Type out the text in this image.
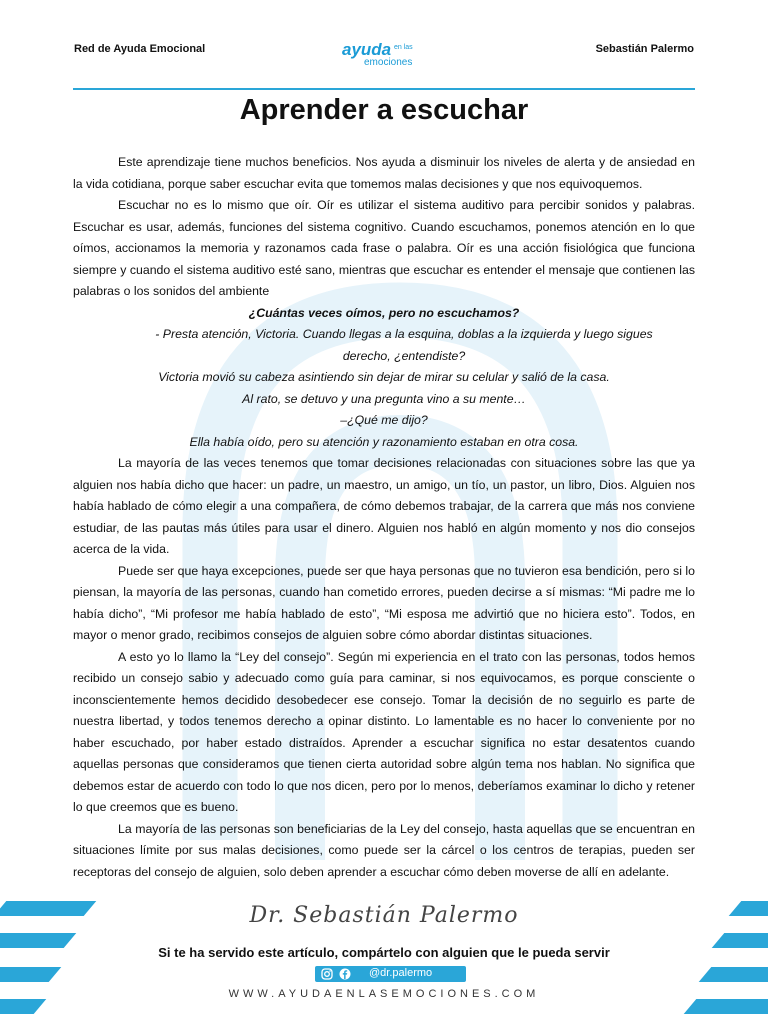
Red de Ayuda Emocional	ayuda en las
emociones
Sebastián Palermo
Aprender a escuchar

Este aprendizaje tiene muchos beneficios. Nos ayuda a disminuir los niveles de alerta y de ansiedad en la vida cotidiana, porque saber escuchar evita que tomemos malas decisiones y que nos equivoquemos.

Escuchar no es lo mismo que oír. Oír es utilizar el sistema auditivo para percibir sonidos y palabras. Escuchar es usar, además, funciones del sistema cognitivo. Cuando escuchamos, ponemos atención en lo que oímos, accionamos la memoria y razonamos cada frase o palabra. Oír es una acción fisiológica que funciona siempre y cuando el sistema auditivo esté sano, mientras que escuchar es entender el mensaje que contienen las palabras o los sonidos del ambiente

¿Cuántas veces oímos, pero no escuchamos?

- Presta atención, Victoria. Cuando llegas a la esquina, doblas a la izquierda y luego sigues derecho, ¿entendiste?

Victoria movió su cabeza asintiendo sin dejar de mirar su celular y salió de la casa.

Al rato, se detuvo y una pregunta vino a su mente…

–¿Qué me dijo?

Ella había oído, pero su atención y razonamiento estaban en otra cosa.

La mayoría de las veces tenemos que tomar decisiones relacionadas con situaciones sobre las que ya alguien nos había dicho que hacer: un padre, un maestro, un amigo, un tío, un pastor, un libro, Dios. Alguien nos había hablado de cómo elegir a una compañera, de cómo debemos trabajar, de la carrera que más nos conviene estudiar, de las pautas más útiles para usar el dinero. Alguien nos habló en algún momento y nos dio consejos acerca de la vida.

Puede ser que haya excepciones, puede ser que haya personas que no tuvieron esa bendición, pero si lo piensan, la mayoría de las personas, cuando han cometido errores, pueden decirse a sí mismas: “Mi padre me lo había dicho”, “Mi profesor me había hablado de esto”, “Mi esposa me advirtió que no hiciera esto”. Todos, en mayor o menor grado, recibimos consejos de alguien sobre cómo abordar distintas situaciones.

A esto yo lo llamo la “Ley del consejo”. Según mi experiencia en el trato con las personas, todos hemos recibido un consejo sabio y adecuado como guía para caminar, si nos equivocamos, es porque consciente o inconscientemente hemos decidido desobedecer ese consejo. Tomar la decisión de no seguirlo es parte de nuestra libertad, y todos tenemos derecho a opinar distinto. Lo lamentable es no hacer lo conveniente por no haber escuchado, por haber estado distraídos. Aprender a escuchar significa no estar desatentos cuando aquellas personas que consideramos que tienen cierta autoridad sobre algún tema nos hablan. No significa que debemos estar de acuerdo con todo lo que nos dicen, pero por lo menos, deberíamos examinar lo dicho y retener lo que creemos que es bueno.

La mayoría de las personas son beneficiarias de la Ley del consejo, hasta aquellas que se encuentran en situaciones límite por sus malas decisiones, como puede ser la cárcel o los centros de terapias, pueden ser receptoras del consejo de alguien, solo deben aprender a escuchar cómo deben moverse de allí en adelante.

Dr. Sebastián Palermo
Si te ha servido este artículo, compártelo con alguien que le pueda servir
@dr.palermo
WWW.AYUDAENLASEMOCIONES.COM
